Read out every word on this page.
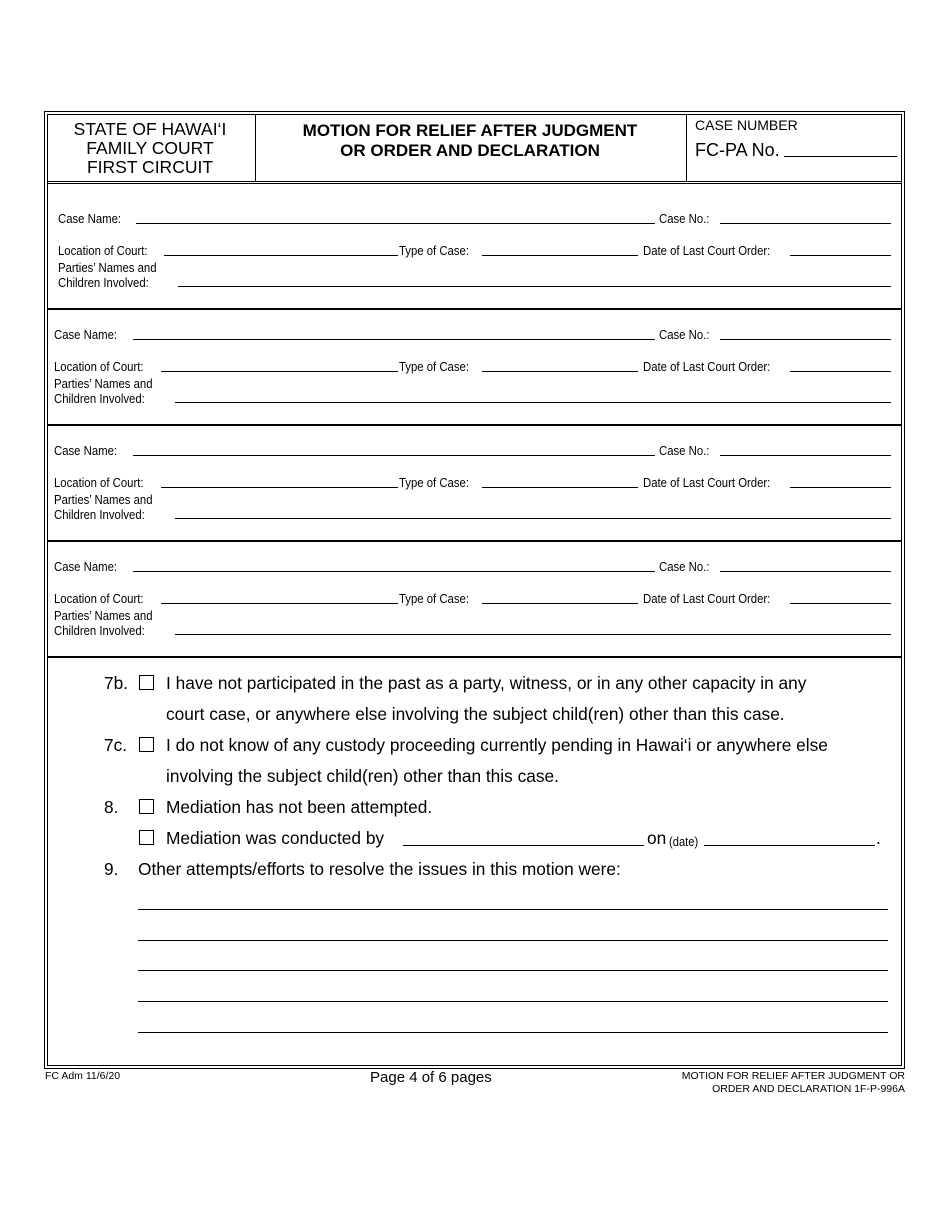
STATE OF HAWAI‘I
FAMILY COURT
FIRST CIRCUIT
MOTION FOR RELIEF AFTER JUDGMENT
OR ORDER AND DECLARATION
CASE NUMBER
FC-PA No.
Case Name:	Case No.:
Location of Court:	Type of Case:	Date of Last Court Order:
Parties’ Names and
Children Involved:
Case Name:	Case No.:
Location of Court:	Type of Case:	Date of Last Court Order:
Parties’ Names and
Children Involved:
Case Name:	Case No.:
Location of Court:	Type of Case:	Date of Last Court Order:
Parties’ Names and
Children Involved:
Case Name:	Case No.:
Location of Court:	Type of Case:	Date of Last Court Order:
Parties’ Names and
Children Involved:
7b. I have not participated in the past as a party, witness, or in any other capacity in any
court case, or anywhere else involving the subject child(ren) other than this case.
7c. I do not know of any custody proceeding currently pending in Hawai‘i or anywhere else
involving the subject child(ren) other than this case.
8.	Mediation has not been attempted.
Mediation was conducted by	on (date)	.
9. Other attempts/efforts to resolve the issues in this motion were:
FC Adm 11/6/20	Page 4 of 6 pages	MOTION FOR RELIEF AFTER JUDGMENT OR
ORDER AND DECLARATION 1F-P-996A
